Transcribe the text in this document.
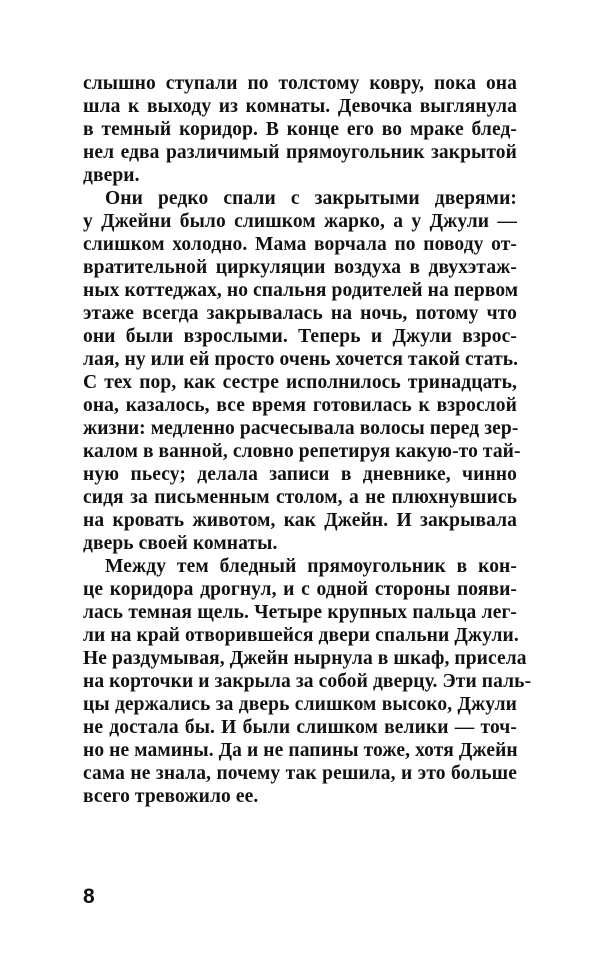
слышно ступали по толстому ковру, пока она
шла к выходу из комнаты. Девочка выглянула
в темный коридор. В конце его во мраке блед-
нел едва различимый прямоугольник закрытой
двери.
Они редко спали с закрытыми дверями:
у Джейни было слишком жарко, а у Джули —
слишком холодно. Мама ворчала по поводу от-
вратительной циркуляции воздуха в двухэтаж-
ных коттеджах, но спальня родителей на первом
этаже всегда закрывалась на ночь, потому что
они были взрослыми. Теперь и Джули взрос-
лая, ну или ей просто очень хочется такой стать.
С тех пор, как сестре исполнилось тринадцать,
она, казалось, все время готовилась к взрослой
жизни: медленно расчесывала волосы перед зер-
калом в ванной, словно репетируя какую-то тай-
ную пьесу; делала записи в дневнике, чинно
сидя за письменным столом, а не плюхнувшись
на кровать животом, как Джейн. И закрывала
дверь своей комнаты.
Между тем бледный прямоугольник в кон-
це коридора дрогнул, и с одной стороны появи-
лась темная щель. Четыре крупных пальца лег-
ли на край отворившейся двери спальни Джули.
Не раздумывая, Джейн нырнула в шкаф, присела
на корточки и закрыла за собой дверцу. Эти паль-
цы держались за дверь слишком высоко, Джули
не достала бы. И были слишком велики — точ-
но не мамины. Да и не папины тоже, хотя Джейн
сама не знала, почему так решила, и это больше
всего тревожило ее.
8
